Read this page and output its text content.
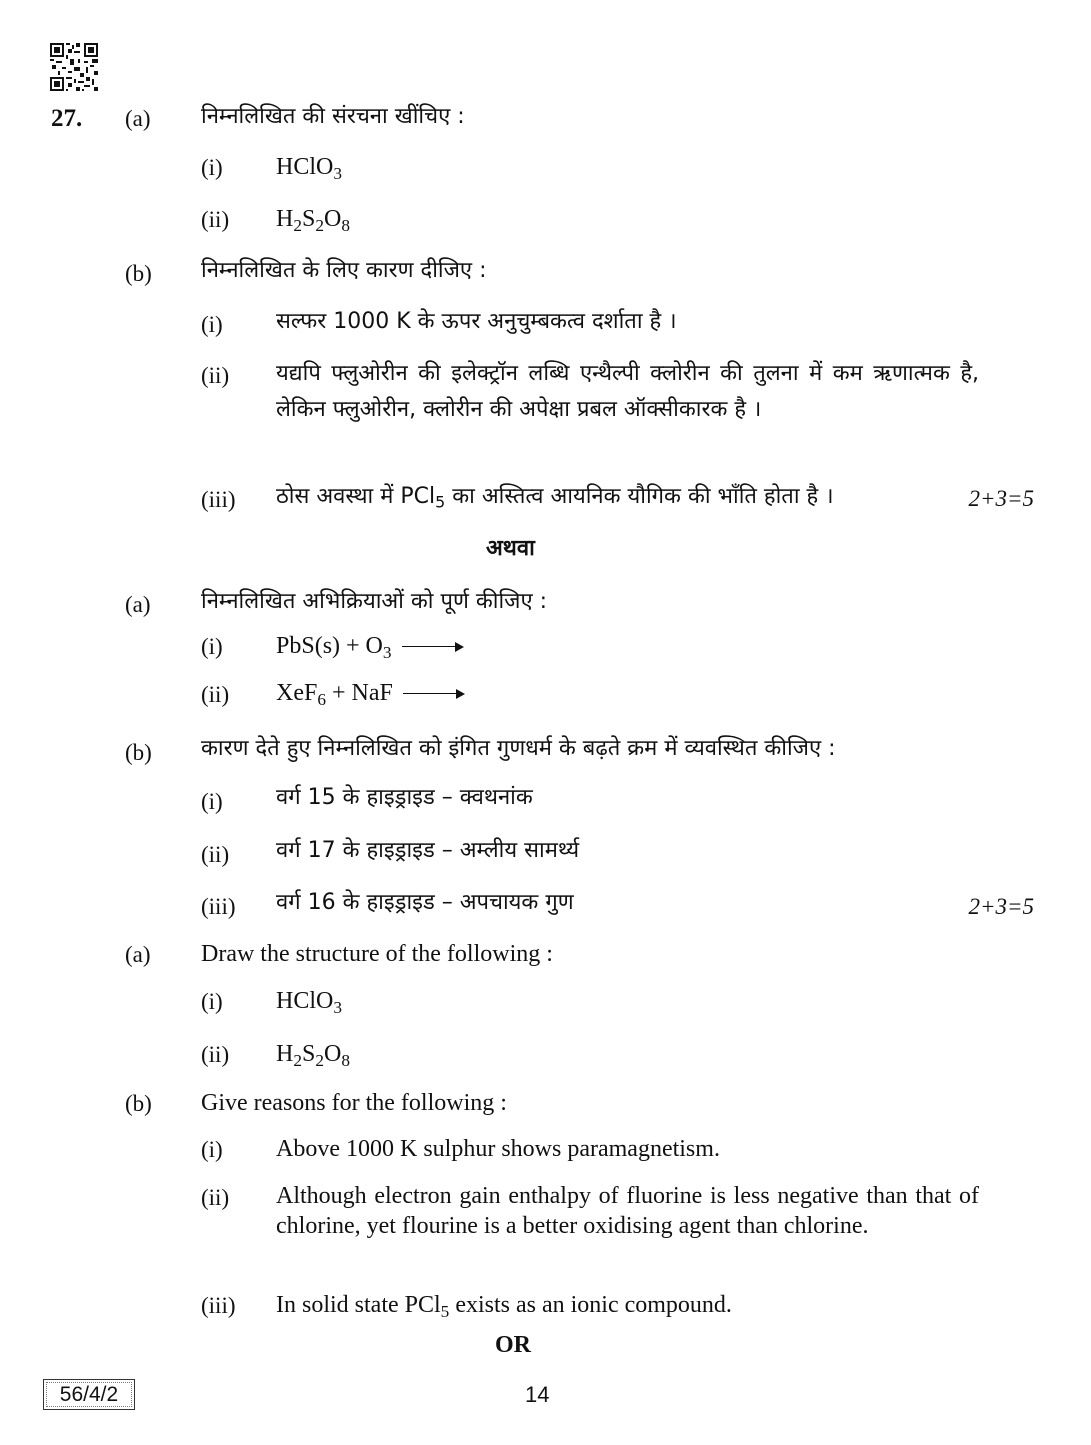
27. (a) निम्नलिखित की संरचना खींचिए :
(i) HClO$_3$
(ii) $H_2S_2O_8$
(b) निम्नलिखित के लिए कारण दीजिए :
(i) सल्फर 1000 K के ऊपर अनुचुम्बकत्व दर्शाता है ।
(ii) यद्यपि फ्लुओरीन की इलेक्ट्रॉन लब्धि एन्थैल्पी क्लोरीन की तुलना में कम ऋणात्मक है, लेकिन फ्लुओरीन, क्लोरीन की अपेक्षा प्रबल ऑक्सीकारक है ।
(iii) ठोस अवस्था में PCl$_5$ का अस्तित्व आयनिक यौगिक की भाँति होता है ।	2+3=5
अथवा
(a) निम्नलिखित अभिक्रियाओं को पूर्ण कीजिए :
(i) $PbS(s) + O_3$
(ii) XeF$_6$ + NaF
(b) कारण देते हुए निम्नलिखित को इंगित गुणधर्म के बढ़ते क्रम में व्यवस्थित कीजिए :
(i) वर्ग 15 के हाइड्राइड – क्वथनांक
(ii) वर्ग 17 के हाइड्राइड – अम्लीय सामर्थ्य
(iii) वर्ग 16 के हाइड्राइड – अपचायक गुण	2+3=5
(a) Draw the structure of the following :
(i) HClO$_3$
(ii) $H_2S_2O_8$
(b) Give reasons for the following :
(i) Above 1000 K sulphur shows paramagnetism.
(ii) Although electron gain enthalpy of fluorine is less negative than that of chlorine, yet flourine is a better oxidising agent than chlorine.
(iii) In solid state PCl$_5$ exists as an ionic compound.
OR
56/4/2	14
